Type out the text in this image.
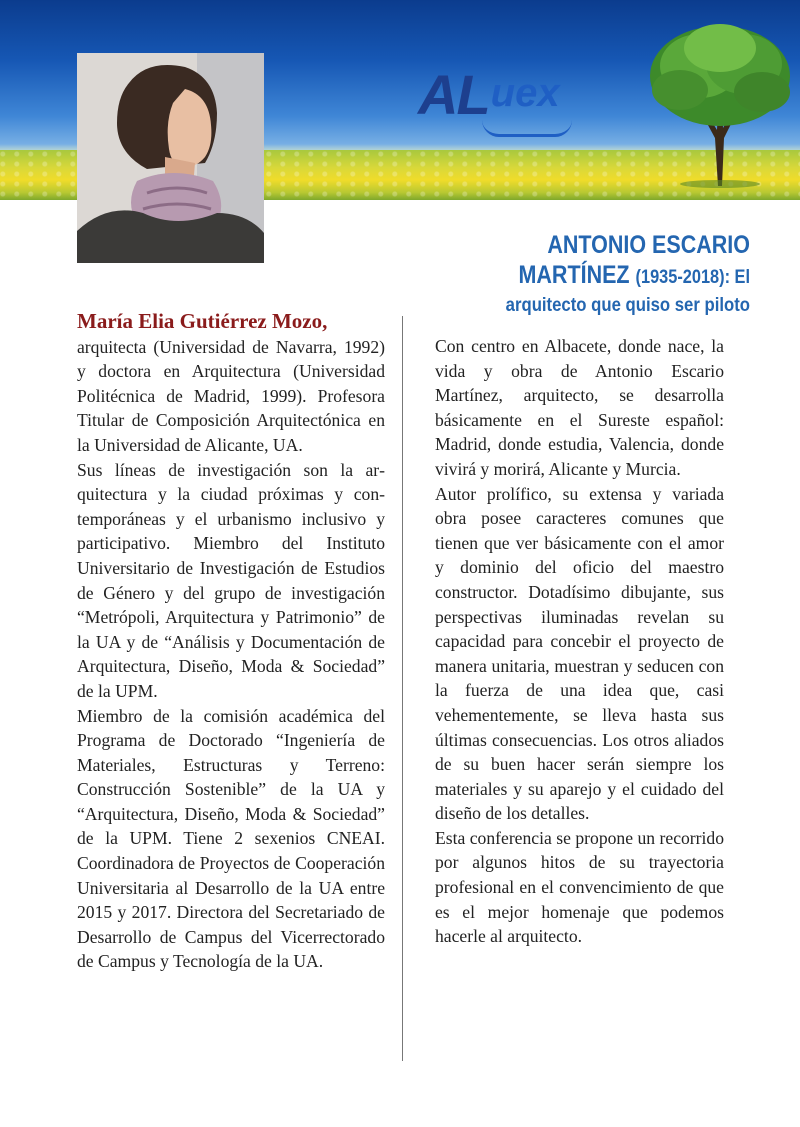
ALuex
ANTONIO ESCARIO
MARTÍNEZ (1935-2018): El
arquitecto que quiso ser piloto

María Elia Gutiérrez Mozo,
arquitecta (Universidad de Navarra, 1992) y doctora en Arquitectura (Universidad Politécnica de Madrid, 1999). Profesora Titular de Composición Arquitectónica en la Universidad de Alicante, UA.

Sus líneas de investigación son la arquitectura y la ciudad próximas y contemporáneas y el urbanismo inclusivo y participativo. Miembro del Instituto Universitario de Investigación de Estudios de Género y del grupo de investigación “Metrópoli, Arquitectura y Patrimonio” de la UA y de “Análisis y Documentación de Arquitectura, Diseño, Moda & Sociedad” de la UPM.

Miembro de la comisión académica del Programa de Doctorado “Ingeniería de Materiales, Estructuras y Terreno: Construcción Sostenible” de la UA y “Arquitectura, Diseño, Moda & Sociedad” de la UPM. Tiene 2 sexenios CNEAI. Coordinadora de Proyectos de Cooperación Universitaria al Desarrollo de la UA entre 2015 y 2017. Directora del Secretariado de Desarrollo de Campus del Vicerrectorado de Campus y Tecnología de la UA.

Con centro en Albacete, donde nace, la vida y obra de Antonio Escario Martínez, arquitecto, se desarrolla básicamente en el Sureste español: Madrid, donde estudia, Valencia, donde vivirá y morirá, Alicante y Murcia.

Autor prolífico, su extensa y variada obra posee caracteres comunes que tienen que ver básicamente con el amor y dominio del oficio del maestro constructor. Dotadísimo dibujante, sus perspectivas iluminadas revelan su capacidad para concebir el proyecto de manera unitaria, muestran y seducen con la fuerza de una idea que, casi vehementemente, se lleva hasta sus últimas consecuencias. Los otros aliados de su buen hacer serán siempre los materiales y su aparejo y el cuidado del diseño de los detalles.

Esta conferencia se propone un recorrido por algunos hitos de su trayectoria profesional en el convencimiento de que es el mejor homenaje que podemos hacerle al arquitecto.
